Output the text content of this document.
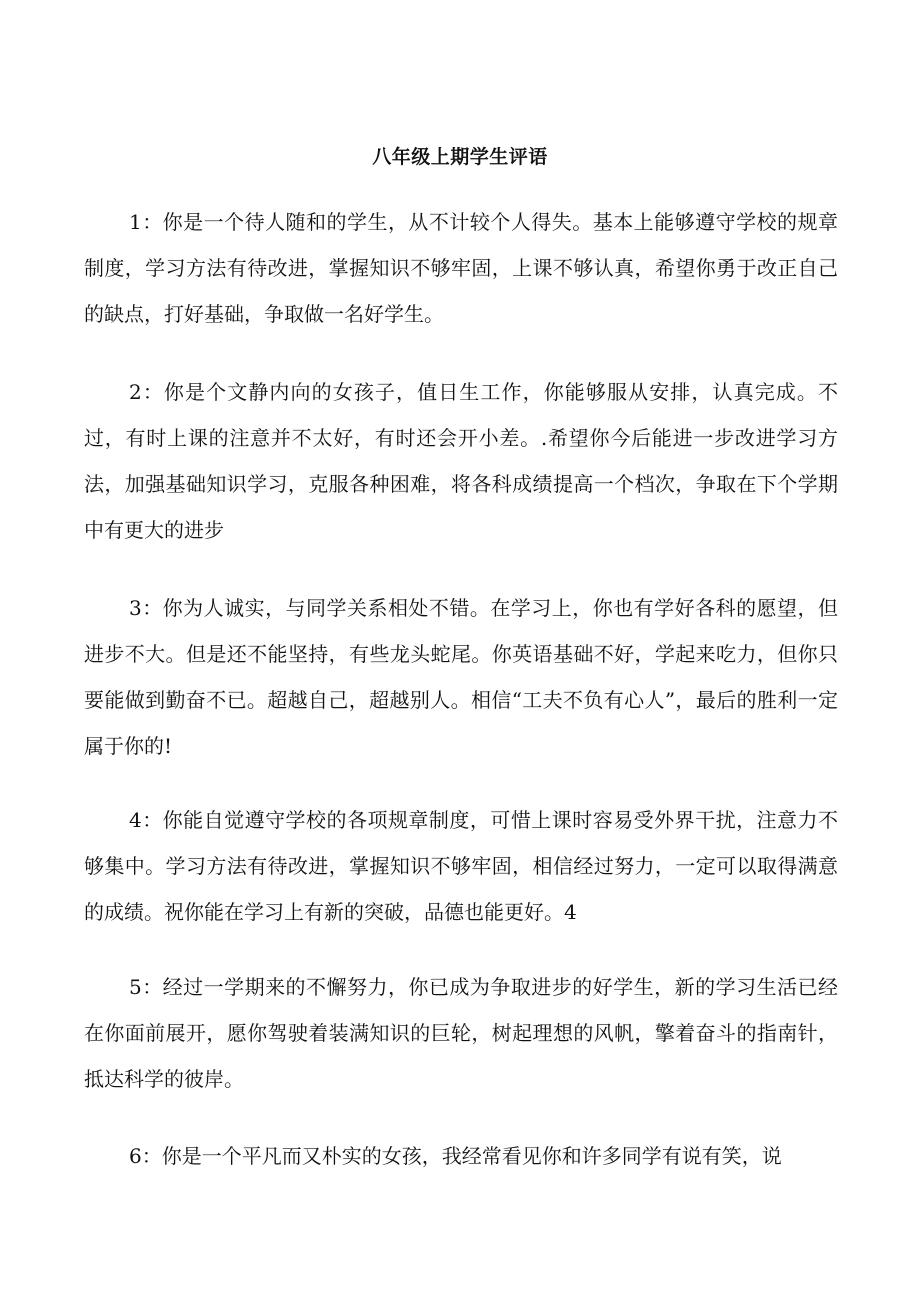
八年级上期学生评语

1：你是一个待人随和的学生，从不计较个人得失。基本上能够遵守学校的规章制度，学习方法有待改进，掌握知识不够牢固，上课不够认真，希望你勇于改正自己的缺点，打好基础，争取做一名好学生。

2：你是个文静内向的女孩子，值日生工作，你能够服从安排，认真完成。不过，有时上课的注意并不太好，有时还会开小差。.希望你今后能进一步改进学习方法，加强基础知识学习，克服各种困难，将各科成绩提高一个档次，争取在下个学期中有更大的进步

3：你为人诚实，与同学关系相处不错。在学习上，你也有学好各科的愿望，但进步不大。但是还不能坚持，有些龙头蛇尾。你英语基础不好，学起来吃力，但你只要能做到勤奋不已。超越自己，超越别人。相信“工夫不负有心人”，最后的胜利一定属于你的!

4：你能自觉遵守学校的各项规章制度，可惜上课时容易受外界干扰，注意力不够集中。学习方法有待改进，掌握知识不够牢固，相信经过努力，一定可以取得满意的成绩。祝你能在学习上有新的突破，品德也能更好。4

5：经过一学期来的不懈努力，你已成为争取进步的好学生，新的学习生活已经在你面前展开，愿你驾驶着装满知识的巨轮，树起理想的风帆，擎着奋斗的指南针，抵达科学的彼岸。

6：你是一个平凡而又朴实的女孩，我经常看见你和许多同学有说有笑，说
